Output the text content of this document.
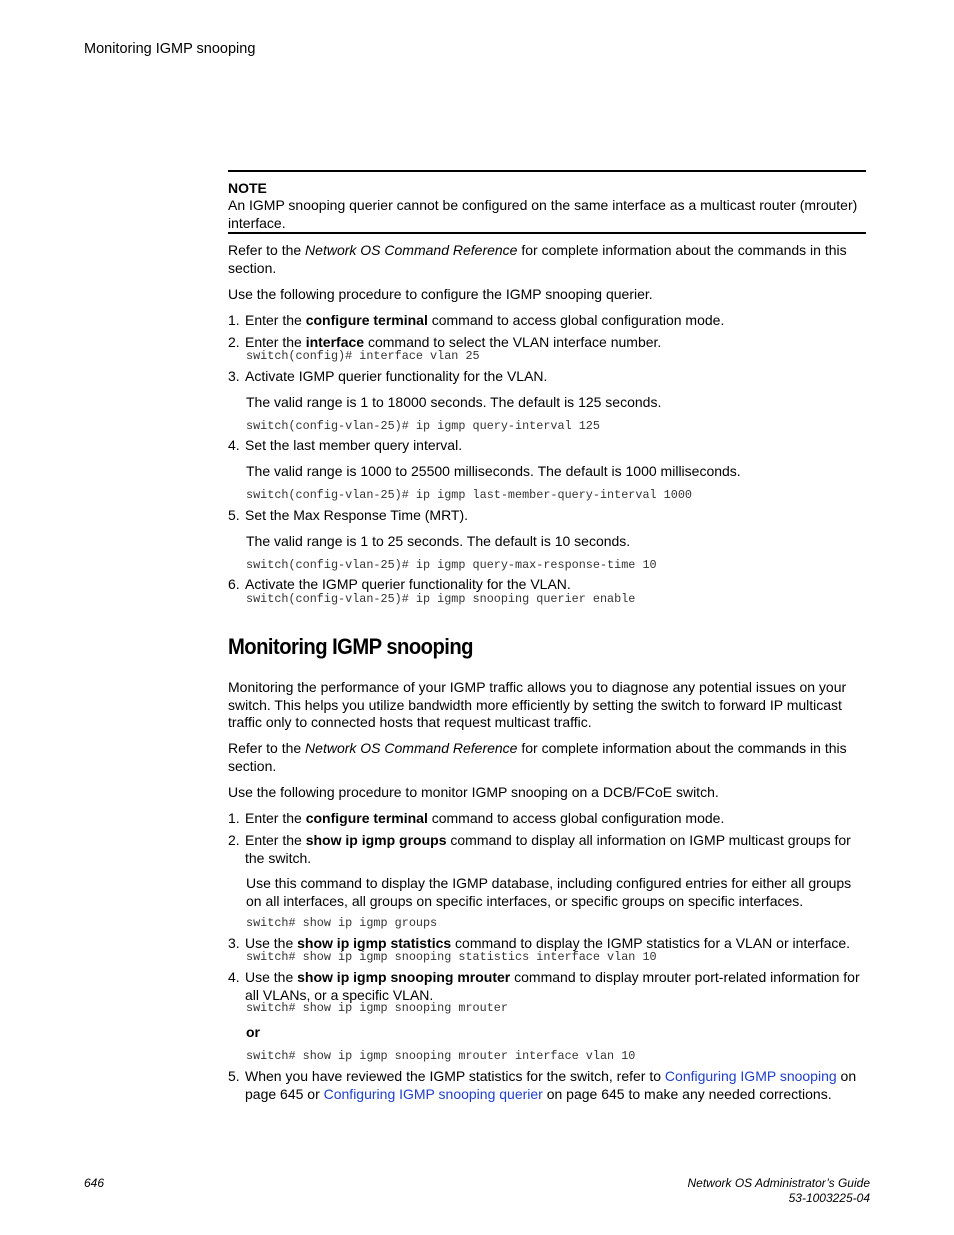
Monitoring IGMP snooping
NOTE
An IGMP snooping querier cannot be configured on the same interface as a multicast router (mrouter) interface.
Refer to the Network OS Command Reference for complete information about the commands in this section.
Use the following procedure to configure the IGMP snooping querier.
1. Enter the configure terminal command to access global configuration mode.
2. Enter the interface command to select the VLAN interface number.
switch(config)# interface vlan 25
3. Activate IGMP querier functionality for the VLAN.
The valid range is 1 to 18000 seconds. The default is 125 seconds.
switch(config-vlan-25)# ip igmp query-interval 125
4. Set the last member query interval.
The valid range is 1000 to 25500 milliseconds. The default is 1000 milliseconds.
switch(config-vlan-25)# ip igmp last-member-query-interval 1000
5. Set the Max Response Time (MRT).
The valid range is 1 to 25 seconds. The default is 10 seconds.
switch(config-vlan-25)# ip igmp query-max-response-time 10
6. Activate the IGMP querier functionality for the VLAN.
switch(config-vlan-25)# ip igmp snooping querier enable
Monitoring IGMP snooping
Monitoring the performance of your IGMP traffic allows you to diagnose any potential issues on your switch. This helps you utilize bandwidth more efficiently by setting the switch to forward IP multicast traffic only to connected hosts that request multicast traffic.
Refer to the Network OS Command Reference for complete information about the commands in this section.
Use the following procedure to monitor IGMP snooping on a DCB/FCoE switch.
1. Enter the configure terminal command to access global configuration mode.
2. Enter the show ip igmp groups command to display all information on IGMP multicast groups for the switch.
Use this command to display the IGMP database, including configured entries for either all groups on all interfaces, all groups on specific interfaces, or specific groups on specific interfaces.
switch# show ip igmp groups
3. Use the show ip igmp statistics command to display the IGMP statistics for a VLAN or interface.
switch# show ip igmp snooping statistics interface vlan 10
4. Use the show ip igmp snooping mrouter command to display mrouter port-related information for all VLANs, or a specific VLAN.
switch# show ip igmp snooping mrouter
or
switch# show ip igmp snooping mrouter interface vlan 10
5. When you have reviewed the IGMP statistics for the switch, refer to Configuring IGMP snooping on page 645 or Configuring IGMP snooping querier on page 645 to make any needed corrections.
646	Network OS Administrator’s Guide
53-1003225-04
